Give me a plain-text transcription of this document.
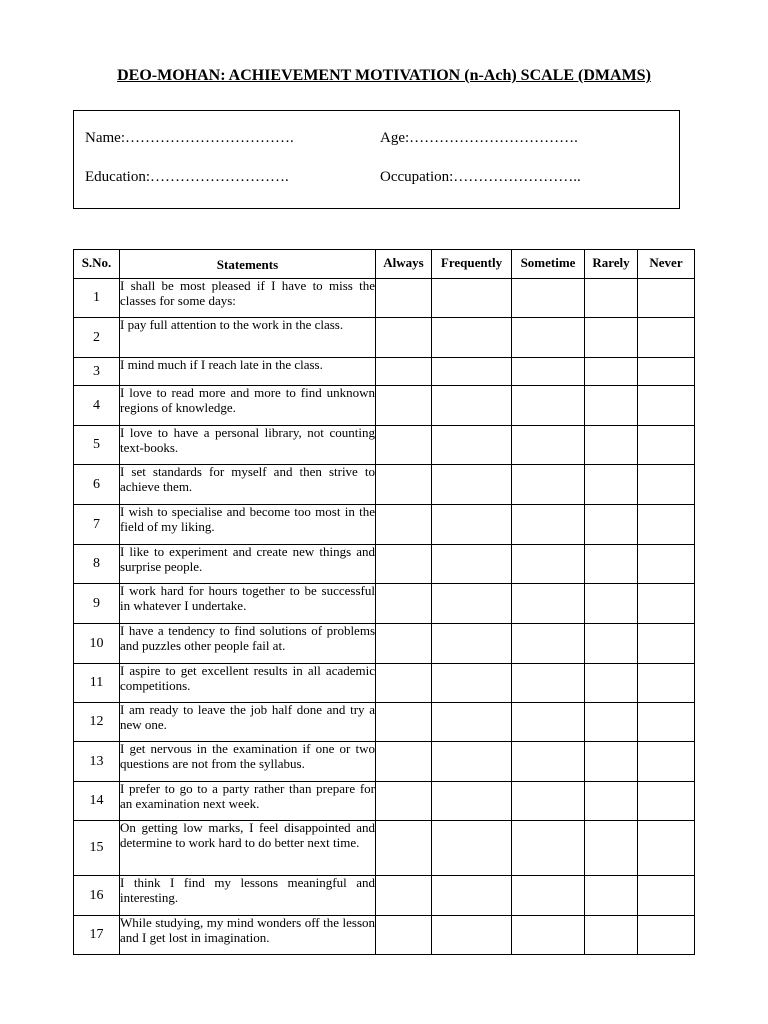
DEO-MOHAN: ACHIEVEMENT MOTIVATION (n-Ach) SCALE (DMAMS)
Name:…………………………….	Age:…………………………….
Education:……………………….	Occupation:……………………..
S.No.	Statements	Always	Frequently	Sometime	Rarely	Never
1	I shall be most pleased if I have to miss the classes for some days:					
2	I pay full attention to the work in the class.					
3	I mind much if I reach late in the class.					
4	I love to read more and more to find unknown regions of knowledge.					
5	I love to have a personal library, not counting text-books.					
6	I set standards for myself and then strive to achieve them.					
7	I wish to specialise and become too most in the field of my liking.					
8	I like to experiment and create new things and surprise people.					
9	I work hard for hours together to be successful in whatever I undertake.					
10	I have a tendency to find solutions of problems and puzzles other people fail at.					
11	I aspire to get excellent results in all academic competitions.					
12	I am ready to leave the job half done and try a new one.					
13	I get nervous in the examination if one or two questions are not from the syllabus.					
14	I prefer to go to a party rather than prepare for an examination next week.					
15	On getting low marks, I feel disappointed and determine to work hard to do better next time.					
16	I think I find my lessons meaningful and interesting.					
17	While studying, my mind wonders off the lesson and I get lost in imagination.					
